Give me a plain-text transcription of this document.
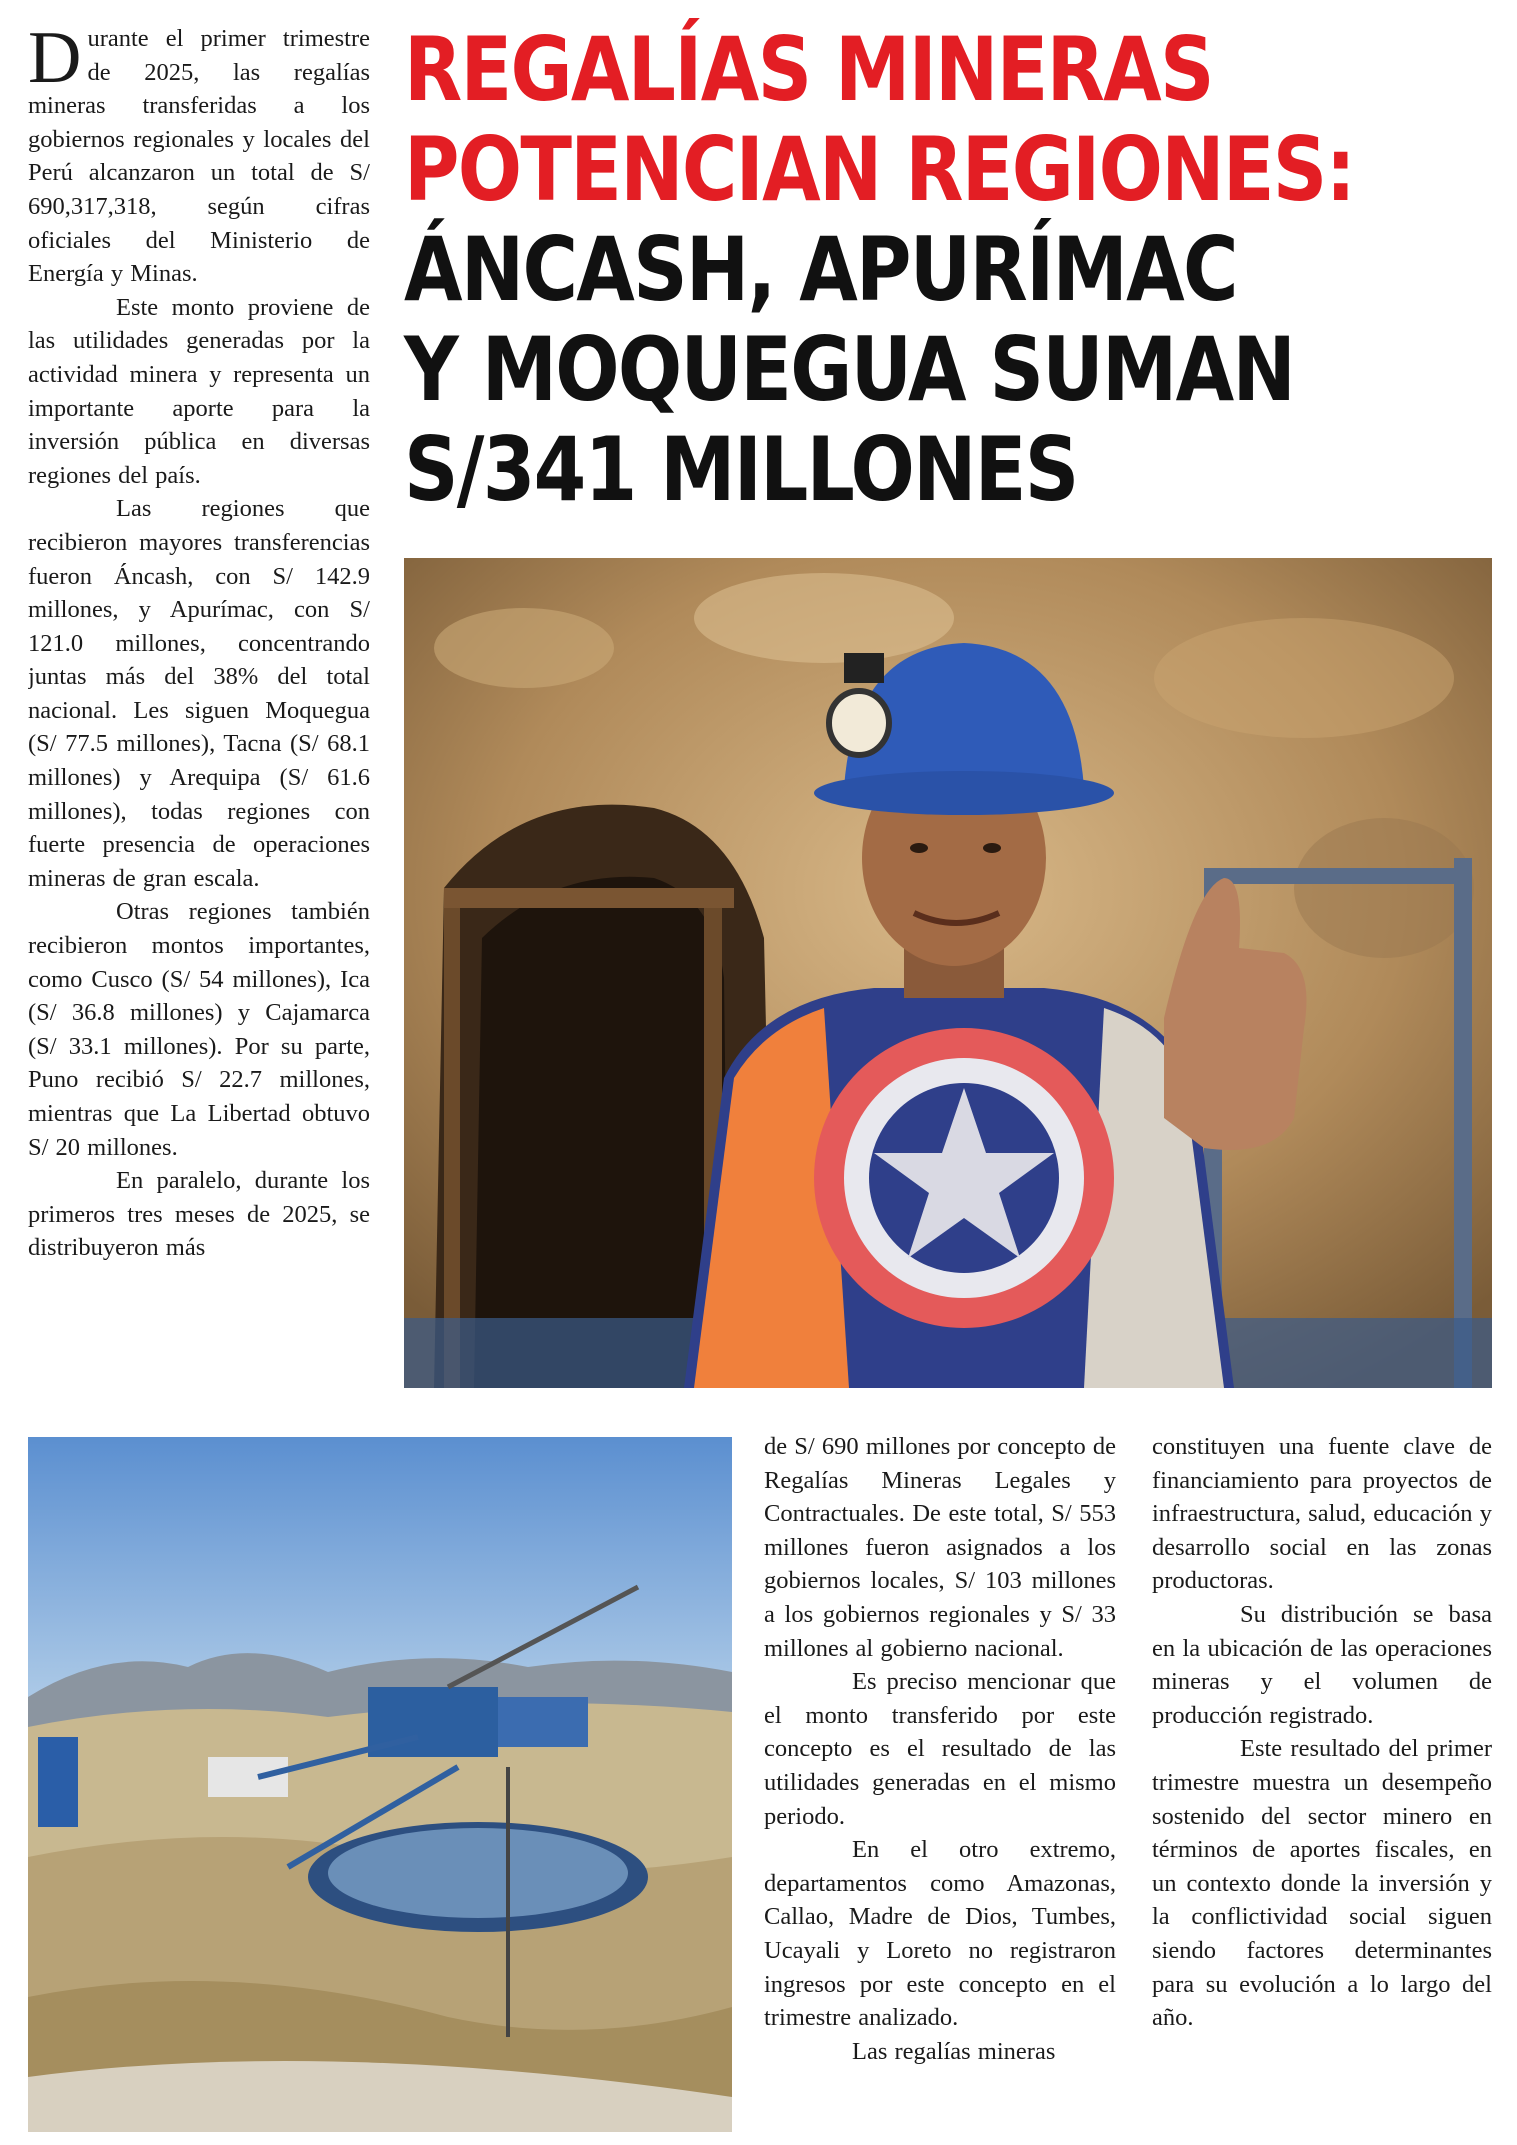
Durante el primer trimestre de 2025, las regalías mineras transferidas a los gobiernos regionales y locales del Perú alcanzaron un total de S/ 690,317,318, según cifras oficiales del Ministerio de Energía y Minas.

Este monto proviene de las utilidades generadas por la actividad minera y representa un importante aporte para la inversión pública en diversas regiones del país.

Las regiones que recibieron mayores transferencias fueron Áncash, con S/ 142.9 millones, y Apurímac, con S/ 121.0 millones, concentrando juntas más del 38% del total nacional. Les siguen Moquegua (S/ 77.5 millones), Tacna (S/ 68.1 millones) y Arequipa (S/ 61.6 millones), todas regiones con fuerte presencia de operaciones mineras de gran escala.

Otras regiones también recibieron montos importantes, como Cusco (S/ 54 millones), Ica (S/ 36.8 millones) y Cajamarca (S/ 33.1 millones). Por su parte, Puno recibió S/ 22.7 millones, mientras que La Libertad obtuvo S/ 20 millones.

En paralelo, durante los primeros tres meses de 2025, se distribuyeron más

REGALÍAS MINERAS
POTENCIAN REGIONES:
ÁNCASH, APURÍMAC
Y MOQUEGUA SUMAN
S/341 MILLONES

de S/ 690 millones por concepto de Regalías Mineras Legales y Contractuales. De este total, S/ 553 millones fueron asignados a los gobiernos locales, S/ 103 millones a los gobiernos regionales y S/ 33 millones al gobierno nacional.

Es preciso mencionar que el monto transferido por este concepto es el resultado de las utilidades generadas en el mismo periodo.

En el otro extremo, departamentos como Amazonas, Callao, Madre de Dios, Tumbes, Ucayali y Loreto no registraron ingresos por este concepto en el trimestre analizado.

Las regalías mineras

constituyen una fuente clave de financiamiento para proyectos de infraestructura, salud, educación y desarrollo social en las zonas productoras.

Su distribución se basa en la ubicación de las operaciones mineras y el volumen de producción registrado.

Este resultado del primer trimestre muestra un desempeño sostenido del sector minero en términos de aportes fiscales, en un contexto donde la inversión y la conflictividad social siguen siendo factores determinantes para su evolución a lo largo del año.
